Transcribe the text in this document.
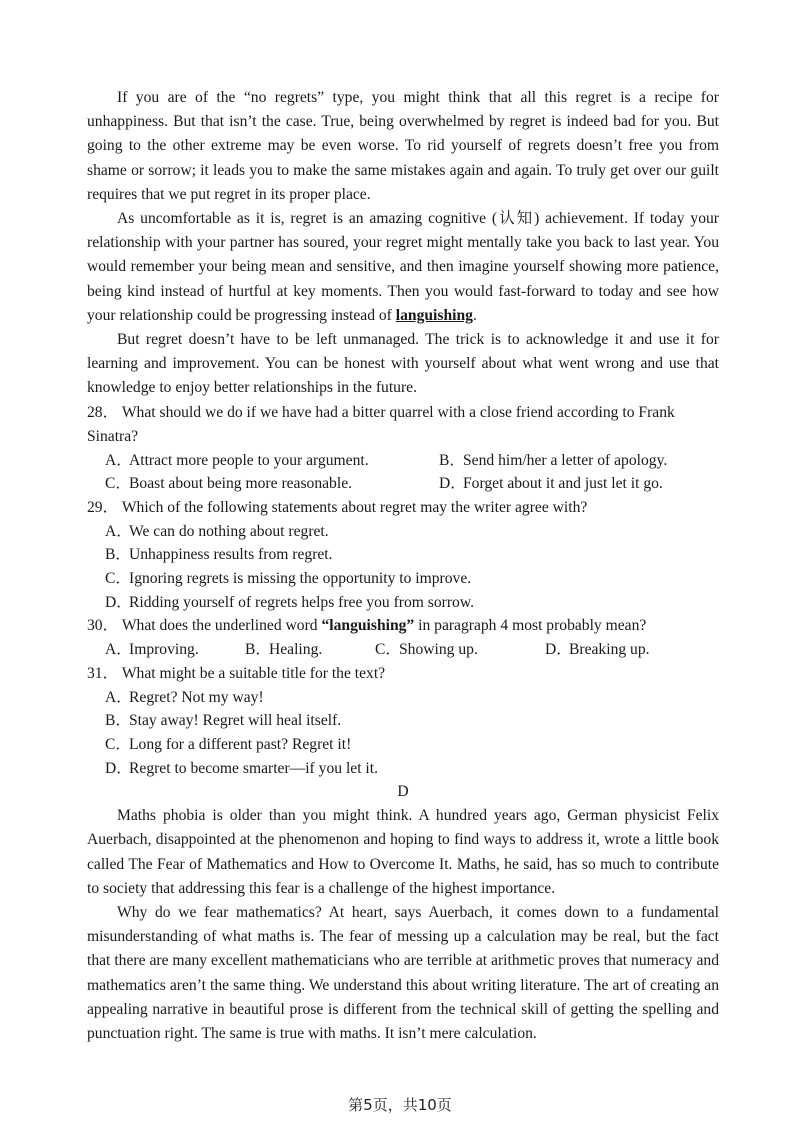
If you are of the “no regrets” type, you might think that all this regret is a recipe for unhappiness. But that isn’t the case. True, being overwhelmed by regret is indeed bad for you. But going to the other extreme may be even worse. To rid yourself of regrets doesn’t free you from shame or sorrow; it leads you to make the same mistakes again and again. To truly get over our guilt requires that we put regret in its proper place.

As uncomfortable as it is, regret is an amazing cognitive (认知) achievement. If today your relationship with your partner has soured, your regret might mentally take you back to last year. You would remember your being mean and sensitive, and then imagine yourself showing more patience, being kind instead of hurtful at key moments. Then you would fast-forward to today and see how your relationship could be progressing instead of languishing.

But regret doesn’t have to be left unmanaged. The trick is to acknowledge it and use it for learning and improvement. You can be honest with yourself about what went wrong and use that knowledge to enjoy better relationships in the future.

28． What should we do if we have had a bitter quarrel with a close friend according to Frank Sinatra?

A．Attract more people to your argument.	B．Send him/her a letter of apology.
C．Boast about being more reasonable.	D．Forget about it and just let it go.

29． Which of the following statements about regret may the writer agree with?

A．We can do nothing about regret.

B．Unhappiness results from regret.

C．Ignoring regrets is missing the opportunity to improve.

D．Ridding yourself of regrets helps free you from sorrow.

30． What does the underlined word “languishing” in paragraph 4 most probably mean?

A．Improving.	B．Healing.	C．Showing up.	D．Breaking up.

31． What might be a suitable title for the text?

A．Regret? Not my way!

B．Stay away! Regret will heal itself.

C．Long for a different past? Regret it!

D．Regret to become smarter—if you let it.

D

Maths phobia is older than you might think. A hundred years ago, German physicist Felix Auerbach, disappointed at the phenomenon and hoping to find ways to address it, wrote a little book called The Fear of Mathematics and How to Overcome It. Maths, he said, has so much to contribute to society that addressing this fear is a challenge of the highest importance.

Why do we fear mathematics? At heart, says Auerbach, it comes down to a fundamental misunderstanding of what maths is. The fear of messing up a calculation may be real, but the fact that there are many excellent mathematicians who are terrible at arithmetic proves that numeracy and mathematics aren’t the same thing. We understand this about writing literature. The art of creating an appealing narrative in beautiful prose is different from the technical skill of getting the spelling and punctuation right. The same is true with maths. It isn’t mere calculation.

第5页，共10页
